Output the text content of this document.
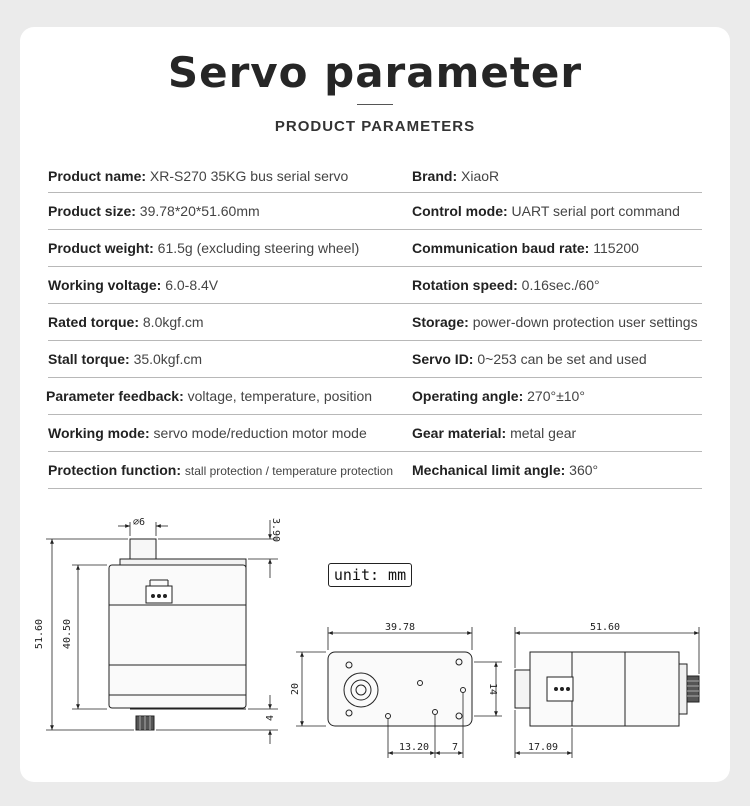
Servo parameter
PRODUCT PARAMETERS
Product name: XR-S270 35KG bus serial servo	Brand: XiaoR
Product size: 39.78*20*51.60mm	Control mode: UART serial port command
Product weight: 61.5g (excluding steering wheel)	Communication baud rate: 115200
Working voltage: 6.0-8.4V	Rotation speed: 0.16sec./60°
Rated torque: 8.0kgf.cm	Storage: power-down protection user settings
Stall torque: 35.0kgf.cm	Servo ID: 0~253 can be set and used
Parameter feedback: voltage, temperature, position	Operating angle: 270°±10°
Working mode: servo mode/reduction motor mode	Gear material: metal gear
Protection function: stall protection / temperature protection Mechanical limit angle: 360°
unit: mm
⌀6	3.90
51.60 40.50
4
39.78
20	14
13.20 7
51.60
17.09
